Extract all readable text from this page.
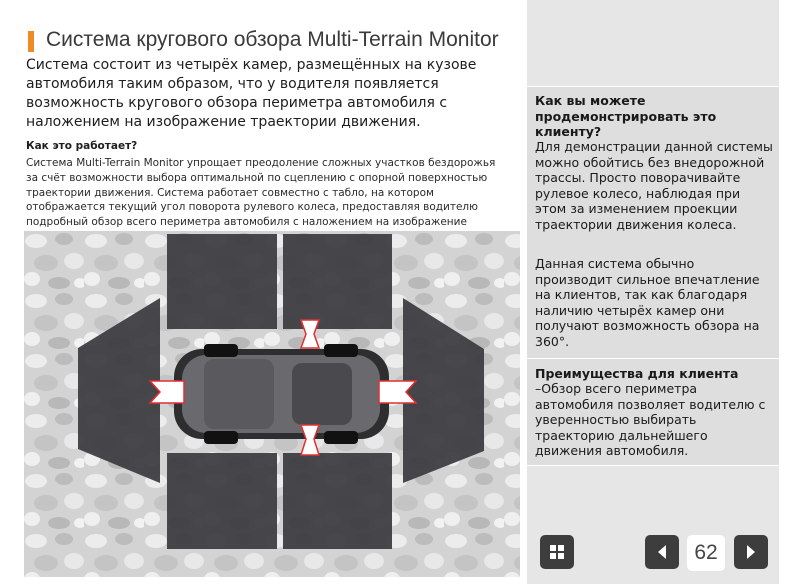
Система кругового обзора Multi-Terrain Monitor
Система состоит из четырёх камер, размещённых на кузове автомобиля таким образом, что у водителя появляется возможность кругового обзора периметра автомобиля с наложением на изображение траектории движения.
Как это работает?
Система Multi-Terrain Monitor упрощает преодоление сложных участков бездорожья за счёт возможности выбора оптимальной по сцеплению с опорной поверхностью траектории движения. Система работает совместно с табло, на котором отображается текущий угол поворота рулевого колеса, предоставляя водителю подробный обзор всего периметра автомобиля с наложением на изображение
Как вы можете продемонстрировать это клиенту?
Для демонстрации данной системы можно обойтись без внедорожной трассы. Просто поворачивайте рулевое колесо, наблюдая при этом за изменением проекции траектории движения колеса.
Данная система обычно производит сильное впечатление на клиентов, так как благодаря наличию четырёх камер они получают возможность обзора на 360°.
Преимущества для клиента
–Обзор всего периметра автомобиля позволяет водителю с уверенностью выбирать траекторию дальнейшего движения автомобиля.
62
